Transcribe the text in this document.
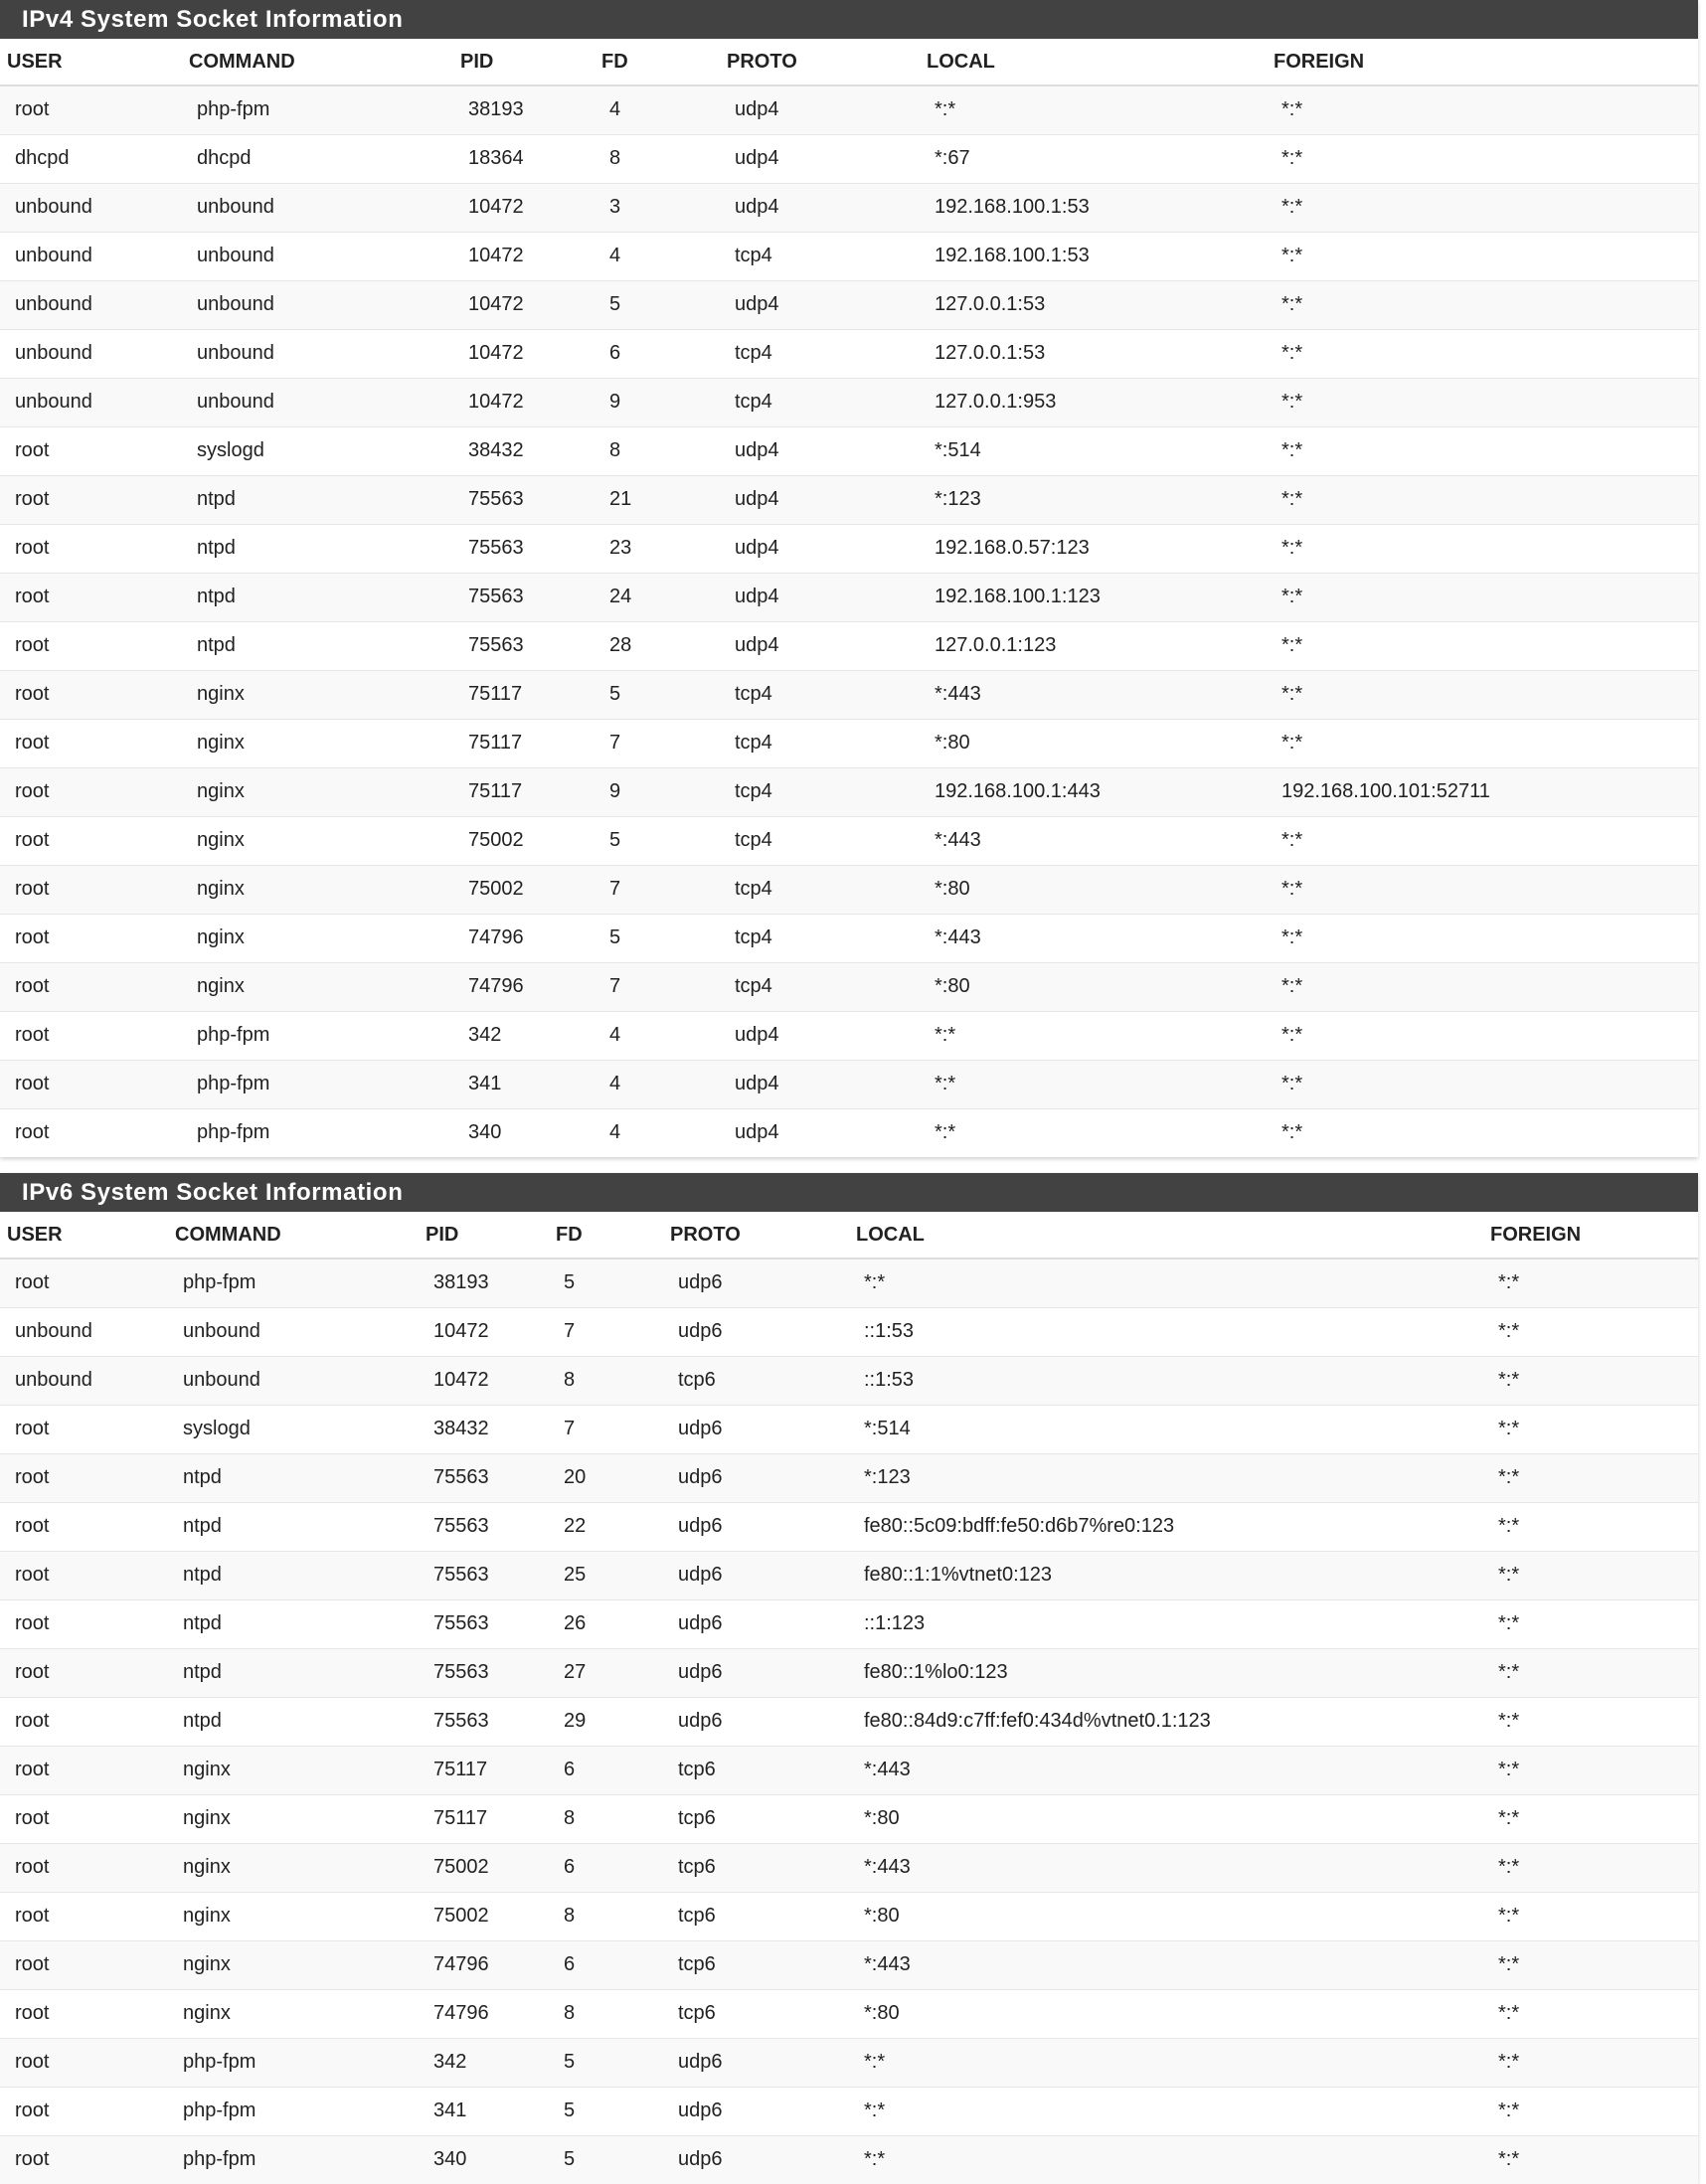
IPv4 System Socket Information
USER	COMMAND	PID	FD	PROTO	LOCAL	FOREIGN
root	php-fpm	38193	4	udp4	*:*	*:*
dhcpd	dhcpd	18364	8	udp4	*:67	*:*
unbound	unbound	10472	3	udp4	192.168.100.1:53	*:*
unbound	unbound	10472	4	tcp4	192.168.100.1:53	*:*
unbound	unbound	10472	5	udp4	127.0.0.1:53	*:*
unbound	unbound	10472	6	tcp4	127.0.0.1:53	*:*
unbound	unbound	10472	9	tcp4	127.0.0.1:953	*:*
root	syslogd	38432	8	udp4	*:514	*:*
root	ntpd	75563	21	udp4	*:123	*:*
root	ntpd	75563	23	udp4	192.168.0.57:123	*:*
root	ntpd	75563	24	udp4	192.168.100.1:123	*:*
root	ntpd	75563	28	udp4	127.0.0.1:123	*:*
root	nginx	75117	5	tcp4	*:443	*:*
root	nginx	75117	7	tcp4	*:80	*:*
root	nginx	75117	9	tcp4	192.168.100.1:443	192.168.100.101:52711
root	nginx	75002	5	tcp4	*:443	*:*
root	nginx	75002	7	tcp4	*:80	*:*
root	nginx	74796	5	tcp4	*:443	*:*
root	nginx	74796	7	tcp4	*:80	*:*
root	php-fpm	342	4	udp4	*:*	*:*
root	php-fpm	341	4	udp4	*:*	*:*
root	php-fpm	340	4	udp4	*:*	*:*
IPv6 System Socket Information
USER	COMMAND	PID	FD	PROTO	LOCAL	FOREIGN
root	php-fpm	38193	5	udp6	*:*	*:*
unbound	unbound	10472	7	udp6	::1:53	*:*
unbound	unbound	10472	8	tcp6	::1:53	*:*
root	syslogd	38432	7	udp6	*:514	*:*
root	ntpd	75563	20	udp6	*:123	*:*
root	ntpd	75563	22	udp6	fe80::5c09:bdff:fe50:d6b7%re0:123	*:*
root	ntpd	75563	25	udp6	fe80::1:1%vtnet0:123	*:*
root	ntpd	75563	26	udp6	::1:123	*:*
root	ntpd	75563	27	udp6	fe80::1%lo0:123	*:*
root	ntpd	75563	29	udp6	fe80::84d9:c7ff:fef0:434d%vtnet0.1:123	*:*
root	nginx	75117	6	tcp6	*:443	*:*
root	nginx	75117	8	tcp6	*:80	*:*
root	nginx	75002	6	tcp6	*:443	*:*
root	nginx	75002	8	tcp6	*:80	*:*
root	nginx	74796	6	tcp6	*:443	*:*
root	nginx	74796	8	tcp6	*:80	*:*
root	php-fpm	342	5	udp6	*:*	*:*
root	php-fpm	341	5	udp6	*:*	*:*
root	php-fpm	340	5	udp6	*:*	*:*
